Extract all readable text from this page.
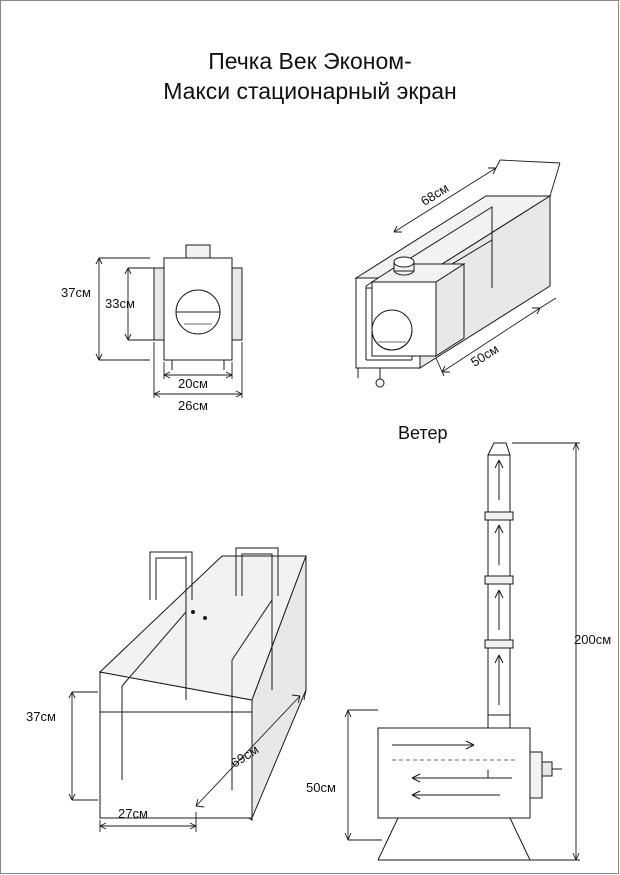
Печка Век Эконом-
Макси стационарный экран
37см
33см
20см
26см
68см
50см
Ветер
37см
69см
27см
200см
50см
